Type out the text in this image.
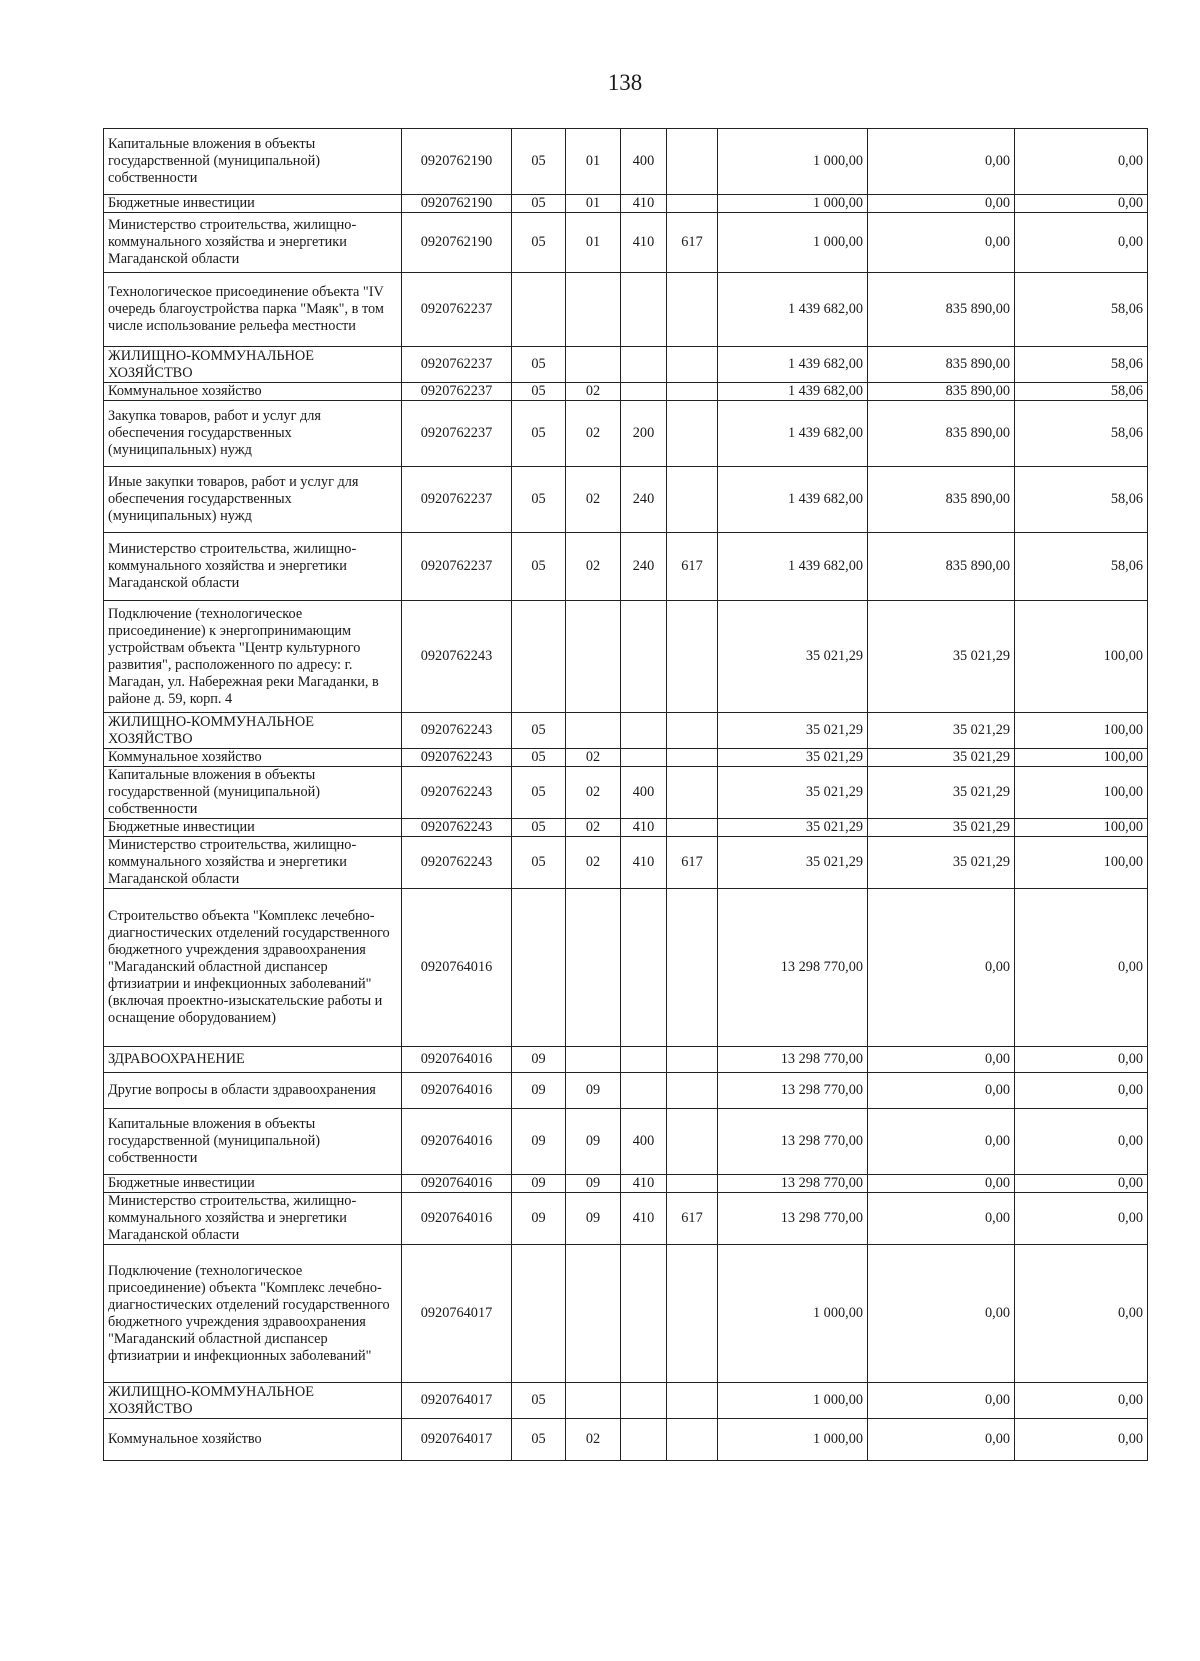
138
Капитальные вложения в объекты государственной (муниципальной) собственности	0920762190	05	01	400		1 000,00	0,00	0,00
Бюджетные инвестиции	0920762190	05	01	410		1 000,00	0,00	0,00
Министерство строительства, жилищно-коммунального хозяйства и энергетики Магаданской области	0920762190	05	01	410	617	1 000,00	0,00	0,00
Технологическое присоединение объекта "IV очередь благоустройства парка "Маяк", в том числе использование рельефа местности	0920762237					1 439 682,00	835 890,00	58,06
ЖИЛИЩНО-КОММУНАЛЬНОЕ ХОЗЯЙСТВО	0920762237	05				1 439 682,00	835 890,00	58,06
Коммунальное хозяйство	0920762237	05	02			1 439 682,00	835 890,00	58,06
Закупка товаров, работ и услуг для обеспечения государственных (муниципальных) нужд	0920762237	05	02	200		1 439 682,00	835 890,00	58,06
Иные закупки товаров, работ и услуг для обеспечения государственных (муниципальных) нужд	0920762237	05	02	240		1 439 682,00	835 890,00	58,06
Министерство строительства, жилищно-коммунального хозяйства и энергетики Магаданской области	0920762237	05	02	240	617	1 439 682,00	835 890,00	58,06
Подключение (технологическое присоединение) к энергопринимающим устройствам объекта "Центр культурного развития", расположенного по адресу: г. Магадан, ул. Набережная реки Магаданки, в районе д. 59, корп. 4	0920762243					35 021,29	35 021,29	100,00
ЖИЛИЩНО-КОММУНАЛЬНОЕ ХОЗЯЙСТВО	0920762243	05				35 021,29	35 021,29	100,00
Коммунальное хозяйство	0920762243	05	02			35 021,29	35 021,29	100,00
Капитальные вложения в объекты государственной (муниципальной) собственности	0920762243	05	02	400		35 021,29	35 021,29	100,00
Бюджетные инвестиции	0920762243	05	02	410		35 021,29	35 021,29	100,00
Министерство строительства, жилищно-коммунального хозяйства и энергетики Магаданской области	0920762243	05	02	410	617	35 021,29	35 021,29	100,00
Строительство объекта "Комплекс лечебно-диагностических отделений государственного бюджетного учреждения здравоохранения "Магаданский областной диспансер фтизиатрии и инфекционных заболеваний" (включая проектно-изыскательские работы и оснащение оборудованием)	0920764016					13 298 770,00	0,00	0,00
ЗДРАВООХРАНЕНИЕ	0920764016	09				13 298 770,00	0,00	0,00
Другие вопросы в области здравоохранения	0920764016	09	09			13 298 770,00	0,00	0,00
Капитальные вложения в объекты государственной (муниципальной) собственности	0920764016	09	09	400		13 298 770,00	0,00	0,00
Бюджетные инвестиции	0920764016	09	09	410		13 298 770,00	0,00	0,00
Министерство строительства, жилищно-коммунального хозяйства и энергетики Магаданской области	0920764016	09	09	410	617	13 298 770,00	0,00	0,00
Подключение (технологическое присоединение) объекта "Комплекс лечебно-диагностических отделений государственного бюджетного учреждения здравоохранения "Магаданский областной диспансер фтизиатрии и инфекционных заболеваний"	0920764017					1 000,00	0,00	0,00
ЖИЛИЩНО-КОММУНАЛЬНОЕ ХОЗЯЙСТВО	0920764017	05				1 000,00	0,00	0,00
Коммунальное хозяйство	0920764017	05	02			1 000,00	0,00	0,00
